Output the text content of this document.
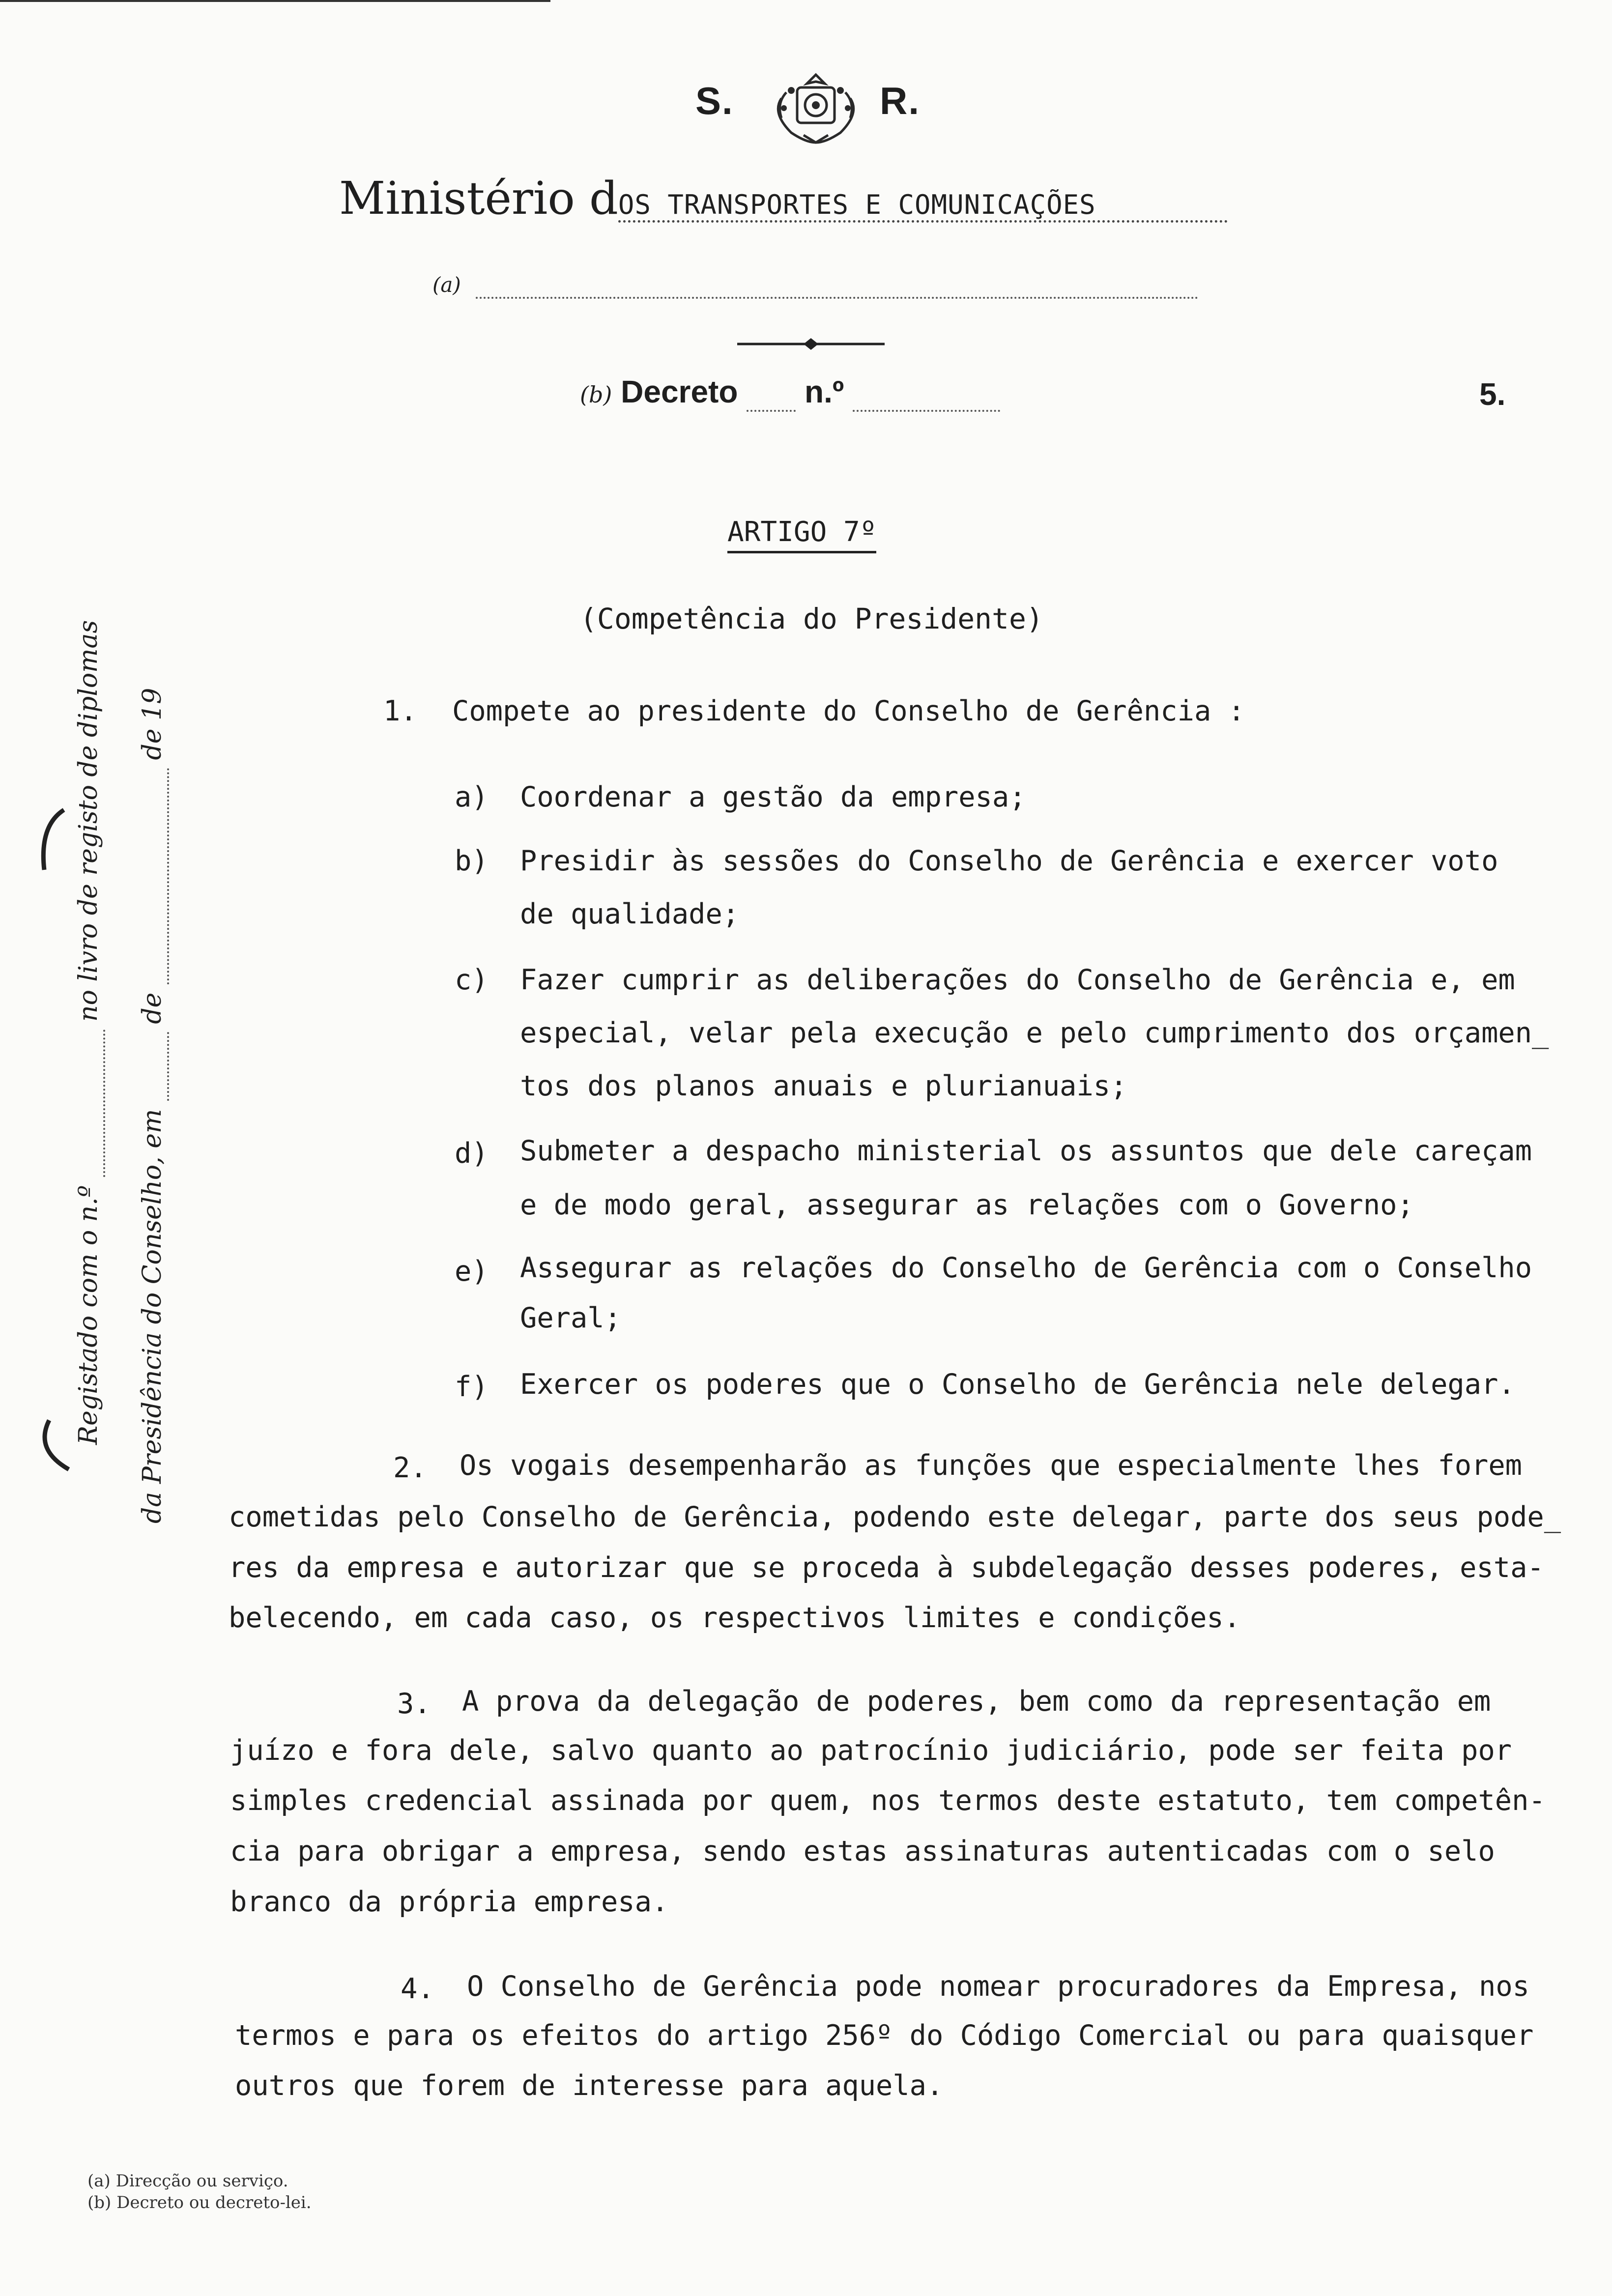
S.	R.
Ministério dOS TRANSPORTES E COMUNICAÇÕES
(a)
(b) Decreto n.º	5.
ARTIGO 7º
(Competência do Presidente)
1. Compete ao presidente do Conselho de Gerência :
a) Coordenar a gestão da empresa;
b) Presidir às sessões do Conselho de Gerência e exercer voto
de qualidade;
c) Fazer cumprir as deliberações do Conselho de Gerência e, em
especial, velar pela execução e pelo cumprimento dos orçamen_
tos dos planos anuais e plurianuais;
d) Submeter a despacho ministerial os assuntos que dele careçam
e de modo geral, assegurar as relações com o Governo;
e) Assegurar as relações do Conselho de Gerência com o Conselho
Geral;
f) Exercer os poderes que o Conselho de Gerência nele delegar.
2. Os vogais desempenharão as funções que especialmente lhes forem
cometidas pelo Conselho de Gerência, podendo este delegar, parte dos seus pode_
res da empresa e autorizar que se proceda à subdelegação desses poderes, esta-
belecendo, em cada caso, os respectivos limites e condições.
3. A prova da delegação de poderes, bem como da representação em
juízo e fora dele, salvo quanto ao patrocínio judiciário, pode ser feita por
simples credencial assinada por quem, nos termos deste estatuto, tem competên-
cia para obrigar a empresa, sendo estas assinaturas autenticadas com o selo
branco da própria empresa.
4. O Conselho de Gerência pode nomear procuradores da Empresa, nos
termos e para os efeitos do artigo 256º do Código Comercial ou para quaisquer
outros que forem de interesse para aquela.
Registado com o n.º   no livro de registo de diplomas
da Presidência do Conselho, em   de   de 19
(a) Direcção ou serviço.
(b) Decreto ou decreto-lei.
